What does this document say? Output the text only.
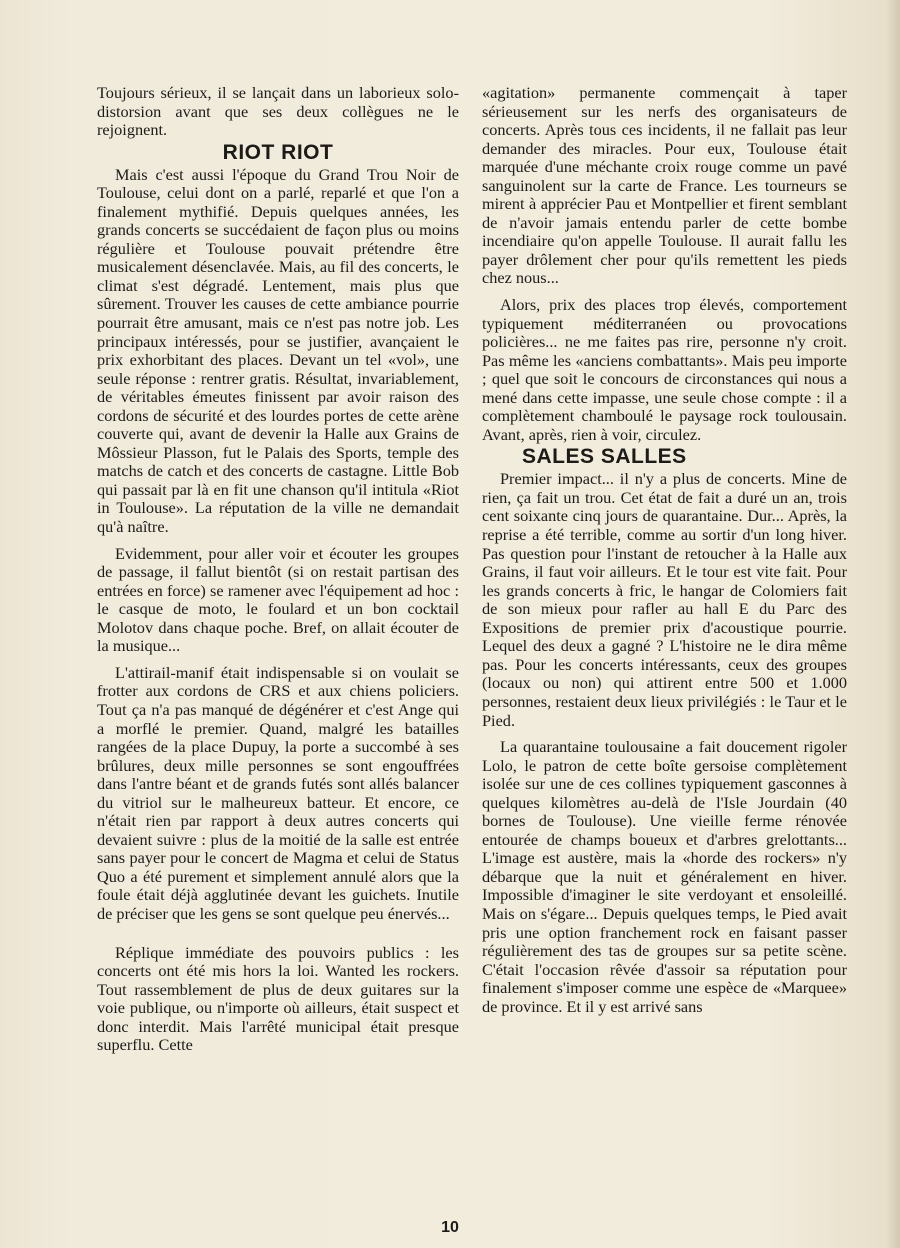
Toujours sérieux, il se lançait dans un laborieux solo-distorsion avant que ses deux collègues ne le rejoignent.

RIOT RIOT

Mais c'est aussi l'époque du Grand Trou Noir de Toulouse, celui dont on a parlé, reparlé et que l'on a finalement mythifié. Depuis quelques années, les grands concerts se succédaient de façon plus ou moins régulière et Toulouse pouvait prétendre être musicalement désenclavée. Mais, au fil des concerts, le climat s'est dégradé. Lentement, mais plus que sûrement. Trouver les causes de cette ambiance pourrie pourrait être amusant, mais ce n'est pas notre job. Les principaux intéressés, pour se justifier, avançaient le prix exhorbitant des places. Devant un tel «vol», une seule réponse : rentrer gratis. Résultat, invariablement, de véritables émeutes finissent par avoir raison des cordons de sécurité et des lourdes portes de cette arène couverte qui, avant de devenir la Halle aux Grains de Môssieur Plasson, fut le Palais des Sports, temple des matchs de catch et des concerts de castagne. Little Bob qui passait par là en fit une chanson qu'il intitula «Riot in Toulouse». La réputation de la ville ne demandait qu'à naître.

Evidemment, pour aller voir et écouter les groupes de passage, il fallut bientôt (si on restait partisan des entrées en force) se ramener avec l'équipement ad hoc : le casque de moto, le foulard et un bon cocktail Molotov dans chaque poche. Bref, on allait écouter de la musique...

L'attirail-manif était indispensable si on voulait se frotter aux cordons de CRS et aux chiens policiers. Tout ça n'a pas manqué de dégénérer et c'est Ange qui a morflé le premier. Quand, malgré les batailles rangées de la place Dupuy, la porte a succombé à ses brûlures, deux mille personnes se sont engouffrées dans l'antre béant et de grands futés sont allés balancer du vitriol sur le malheureux batteur. Et encore, ce n'était rien par rapport à deux autres concerts qui devaient suivre : plus de la moitié de la salle est entrée sans payer pour le concert de Magma et celui de Status Quo a été purement et simplement annulé alors que la foule était déjà agglutinée devant les guichets. Inutile de préciser que les gens se sont quelque peu énervés...

Réplique immédiate des pouvoirs publics : les concerts ont été mis hors la loi. Wanted les rockers. Tout rassemblement de plus de deux guitares sur la voie publique, ou n'importe où ailleurs, était suspect et donc interdit. Mais l'arrêté municipal était presque superflu. Cette

«agitation» permanente commençait à taper sérieusement sur les nerfs des organisateurs de concerts. Après tous ces incidents, il ne fallait pas leur demander des miracles. Pour eux, Toulouse était marquée d'une méchante croix rouge comme un pavé sanguinolent sur la carte de France. Les tourneurs se mirent à apprécier Pau et Montpellier et firent semblant de n'avoir jamais entendu parler de cette bombe incendiaire qu'on appelle Toulouse. Il aurait fallu les payer drôlement cher pour qu'ils remettent les pieds chez nous...

Alors, prix des places trop élevés, comportement typiquement méditerranéen ou provocations policières... ne me faites pas rire, personne n'y croit. Pas même les «anciens combattants». Mais peu importe ; quel que soit le concours de circonstances qui nous a mené dans cette impasse, une seule chose compte : il a complètement chamboulé le paysage rock toulousain. Avant, après, rien à voir, circulez.

SALES SALLES

Premier impact... il n'y a plus de concerts. Mine de rien, ça fait un trou. Cet état de fait a duré un an, trois cent soixante cinq jours de quarantaine. Dur... Après, la reprise a été terrible, comme au sortir d'un long hiver. Pas question pour l'instant de retoucher à la Halle aux Grains, il faut voir ailleurs. Et le tour est vite fait. Pour les grands concerts à fric, le hangar de Colomiers fait de son mieux pour rafler au hall E du Parc des Expositions de premier prix d'acoustique pourrie. Lequel des deux a gagné ? L'histoire ne le dira même pas. Pour les concerts intéressants, ceux des groupes (locaux ou non) qui attirent entre 500 et 1.000 personnes, restaient deux lieux privilégiés : le Taur et le Pied.

La quarantaine toulousaine a fait doucement rigoler Lolo, le patron de cette boîte gersoise complètement isolée sur une de ces collines typiquement gasconnes à quelques kilomètres au-delà de l'Isle Jourdain (40 bornes de Toulouse). Une vieille ferme rénovée entourée de champs boueux et d'arbres grelottants... L'image est austère, mais la «horde des rockers» n'y débarque que la nuit et généralement en hiver. Impossible d'imaginer le site verdoyant et ensoleillé. Mais on s'égare... Depuis quelques temps, le Pied avait pris une option franchement rock en faisant passer régulièrement des tas de groupes sur sa petite scène. C'était l'occasion rêvée d'assoir sa réputation pour finalement s'imposer comme une espèce de «Marquee» de province. Et il y est arrivé sans

10
